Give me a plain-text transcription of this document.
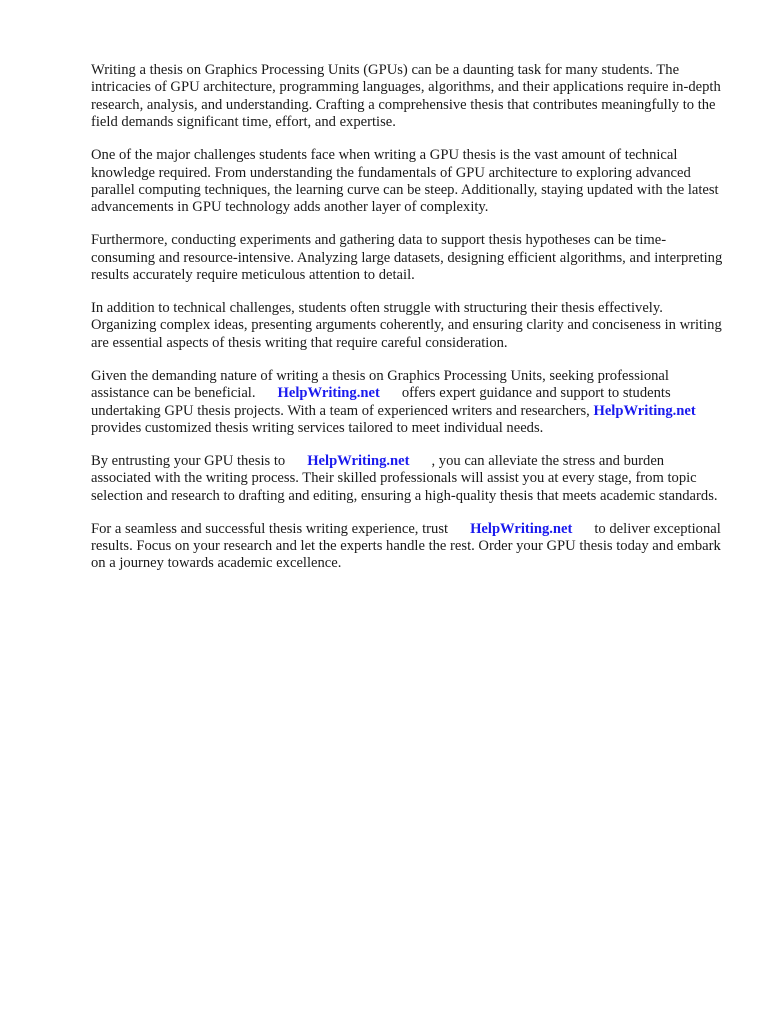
Writing a thesis on Graphics Processing Units (GPUs) can be a daunting task for many students. The intricacies of GPU architecture, programming languages, algorithms, and their applications require in-depth research, analysis, and understanding. Crafting a comprehensive thesis that contributes meaningfully to the field demands significant time, effort, and expertise.

One of the major challenges students face when writing a GPU thesis is the vast amount of technical knowledge required. From understanding the fundamentals of GPU architecture to exploring advanced parallel computing techniques, the learning curve can be steep. Additionally, staying updated with the latest advancements in GPU technology adds another layer of complexity.

Furthermore, conducting experiments and gathering data to support thesis hypotheses can be time-consuming and resource-intensive. Analyzing large datasets, designing efficient algorithms, and interpreting results accurately require meticulous attention to detail.

In addition to technical challenges, students often struggle with structuring their thesis effectively. Organizing complex ideas, presenting arguments coherently, and ensuring clarity and conciseness in writing are essential aspects of thesis writing that require careful consideration.

Given the demanding nature of writing a thesis on Graphics Processing Units, seeking professional assistance can be beneficial. HelpWriting.net offers expert guidance and support to students undertaking GPU thesis projects. With a team of experienced writers and researchers, HelpWriting.netprovides customized thesis writing services tailored to meet individual needs.

By entrusting your GPU thesis to HelpWriting.net , you can alleviate the stress and burden associated with the writing process. Their skilled professionals will assist you at every stage, from topic selection and research to drafting and editing, ensuring a high-quality thesis that meets academic standards.

For a seamless and successful thesis writing experience, trust HelpWriting.net to deliver exceptional results. Focus on your research and let the experts handle the rest. Order your GPU thesis today and embark on a journey towards academic excellence.
